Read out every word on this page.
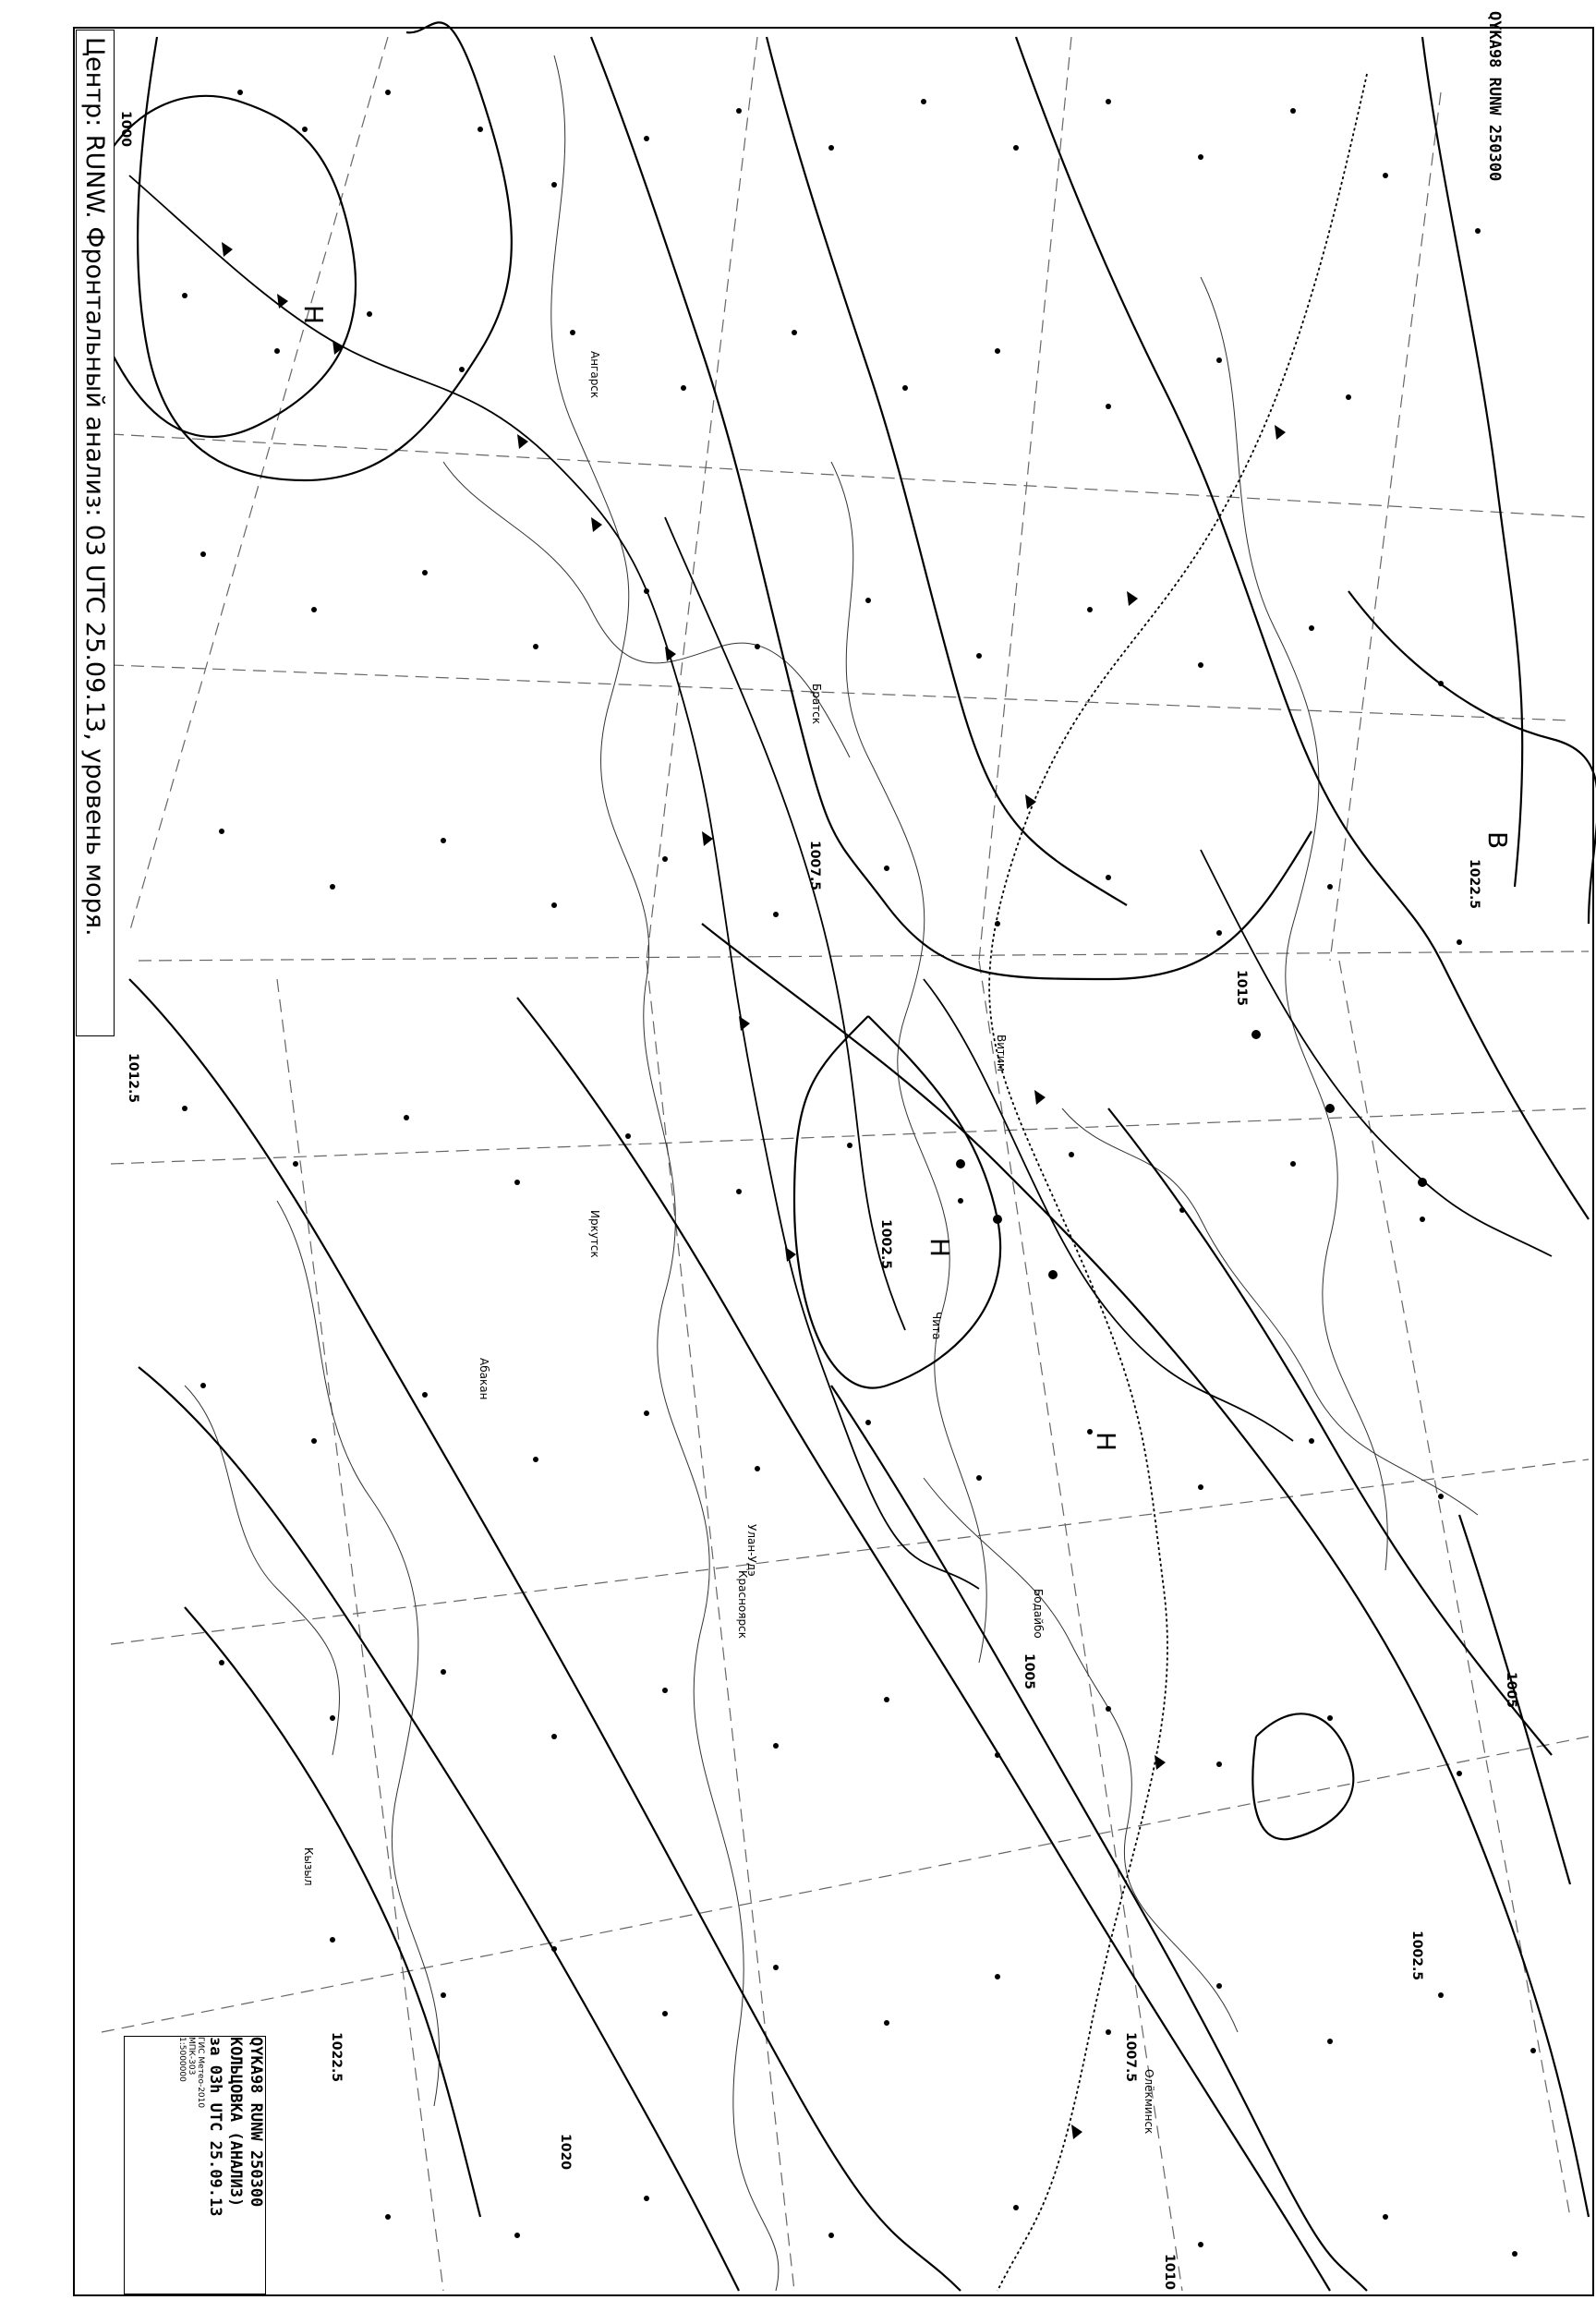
Н
В
Н
Н
1000
1002.5
1005
1007.5
1010
1012.5
1015
1020
1022.5
1022.5
1005
1007.5
1002.5
Ангарск
Чита
Иркутск
Улан-Удэ
Кызыл
Абакан
Красноярск
Братск
Витим
Олёкминск
Бодайбо
Центр: RUNW. Фронтальный анализ: 03 UTC 25.09.13, уровень моря.	QYKA98 RUNW 250300
QYKA98 RUNW 250300
КОЛЬЦОВКА (АНАЛИЗ)
за 03h UTC 25.09.13
ГИС Метео-2010
МПК-303
1:5000000
